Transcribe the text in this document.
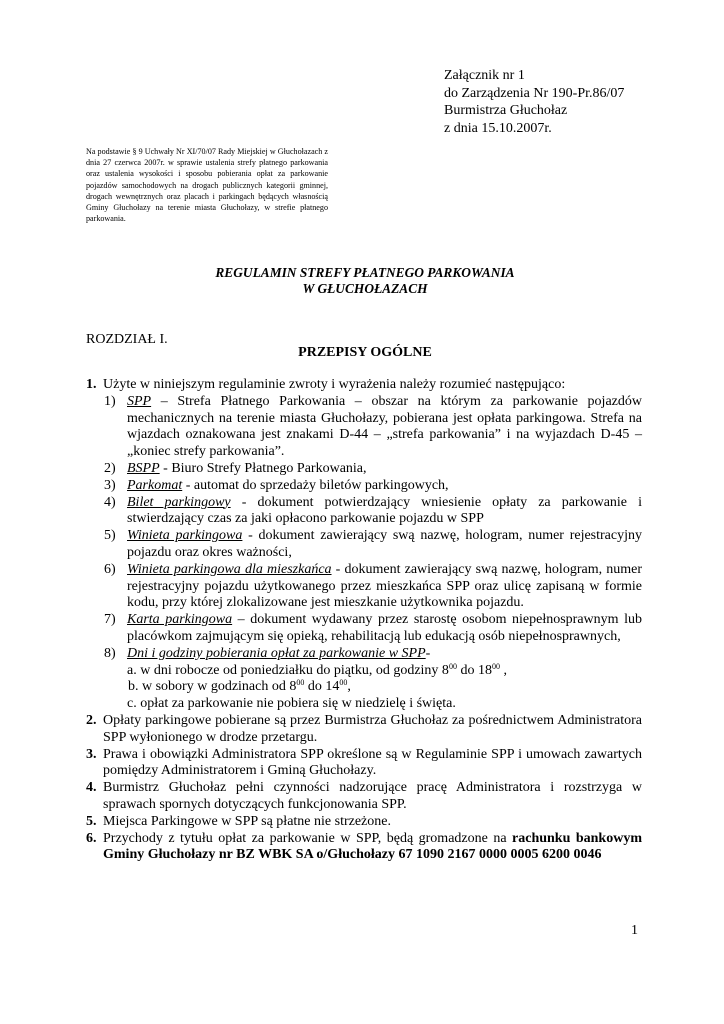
Załącznik nr 1
do Zarządzenia Nr 190-Pr.86/07
Burmistrza Głuchołaz
z dnia 15.10.2007r.
Na podstawie § 9 Uchwały Nr XI/70/07 Rady Miejskiej w Głuchołazach z dnia 27 czerwca 2007r. w sprawie ustalenia strefy płatnego parkowania oraz ustalenia wysokości i sposobu pobierania opłat za parkowanie pojazdów samochodowych na drogach publicznych kategorii gminnej, drogach wewnętrznych oraz placach i parkingach będących własnością Gminy Głuchołazy na terenie miasta Głuchołazy, w strefie płatnego parkowania.
REGULAMIN STREFY PŁATNEGO PARKOWANIA
W GŁUCHOŁAZACH
ROZDZIAŁ I.
PRZEPISY OGÓLNE
1. Użyte w niniejszym regulaminie zwroty i wyrażenia należy rozumieć następująco:
1) SPP – Strefa Płatnego Parkowania – obszar na którym za parkowanie pojazdów mechanicznych na terenie miasta Głuchołazy, pobierana jest opłata parkingowa. Strefa na wjazdach oznakowana jest znakami D-44 – „strefa parkowania” i na wyjazdach D-45 – „koniec strefy parkowania”.
2) BSPP - Biuro Strefy Płatnego Parkowania,
3) Parkomat - automat do sprzedaży biletów parkingowych,
4) Bilet parkingowy - dokument potwierdzający wniesienie opłaty za parkowanie i stwierdzający czas za jaki opłacono parkowanie pojazdu w SPP
5) Winieta parkingowa - dokument zawierający swą nazwę, hologram, numer rejestracyjny pojazdu oraz okres ważności,
6) Winieta parkingowa dla mieszkańca - dokument zawierający swą nazwę, hologram, numer rejestracyjny pojazdu użytkowanego przez mieszkańca SPP oraz ulicę zapisaną w formie kodu, przy której zlokalizowane jest mieszkanie użytkownika pojazdu.
7) Karta parkingowa – dokument wydawany przez starostę osobom niepełnosprawnym lub placówkom zajmującym się opieką, rehabilitacją lub edukacją osób niepełnosprawnych,
8) Dni i godziny pobierania opłat za parkowanie w SPP-
a. w dni robocze od poniedziałku do piątku, od godziny $8^{00}$ do $18^{00}$ ,
b. w sobory w godzinach od $8^{00}$ do $14^{00}$,
c. opłat za parkowanie nie pobiera się w niedzielę i święta.
2. Opłaty parkingowe pobierane są przez Burmistrza Głuchołaz za pośrednictwem Administratora SPP wyłonionego w drodze przetargu.
3. Prawa i obowiązki Administratora SPP określone są w Regulaminie SPP i umowach zawartych pomiędzy Administratorem i Gminą Głuchołazy.
4. Burmistrz Głuchołaz pełni czynności nadzorujące pracę Administratora i rozstrzyga w sprawach spornych dotyczących funkcjonowania SPP.
5. Miejsca Parkingowe w SPP są płatne nie strzeżone.
6. Przychody z tytułu opłat za parkowanie w SPP, będą gromadzone na rachunku bankowym Gminy Głuchołazy nr BZ WBK SA o/Głuchołazy 67 1090 2167 0000 0005 6200 0046
1
